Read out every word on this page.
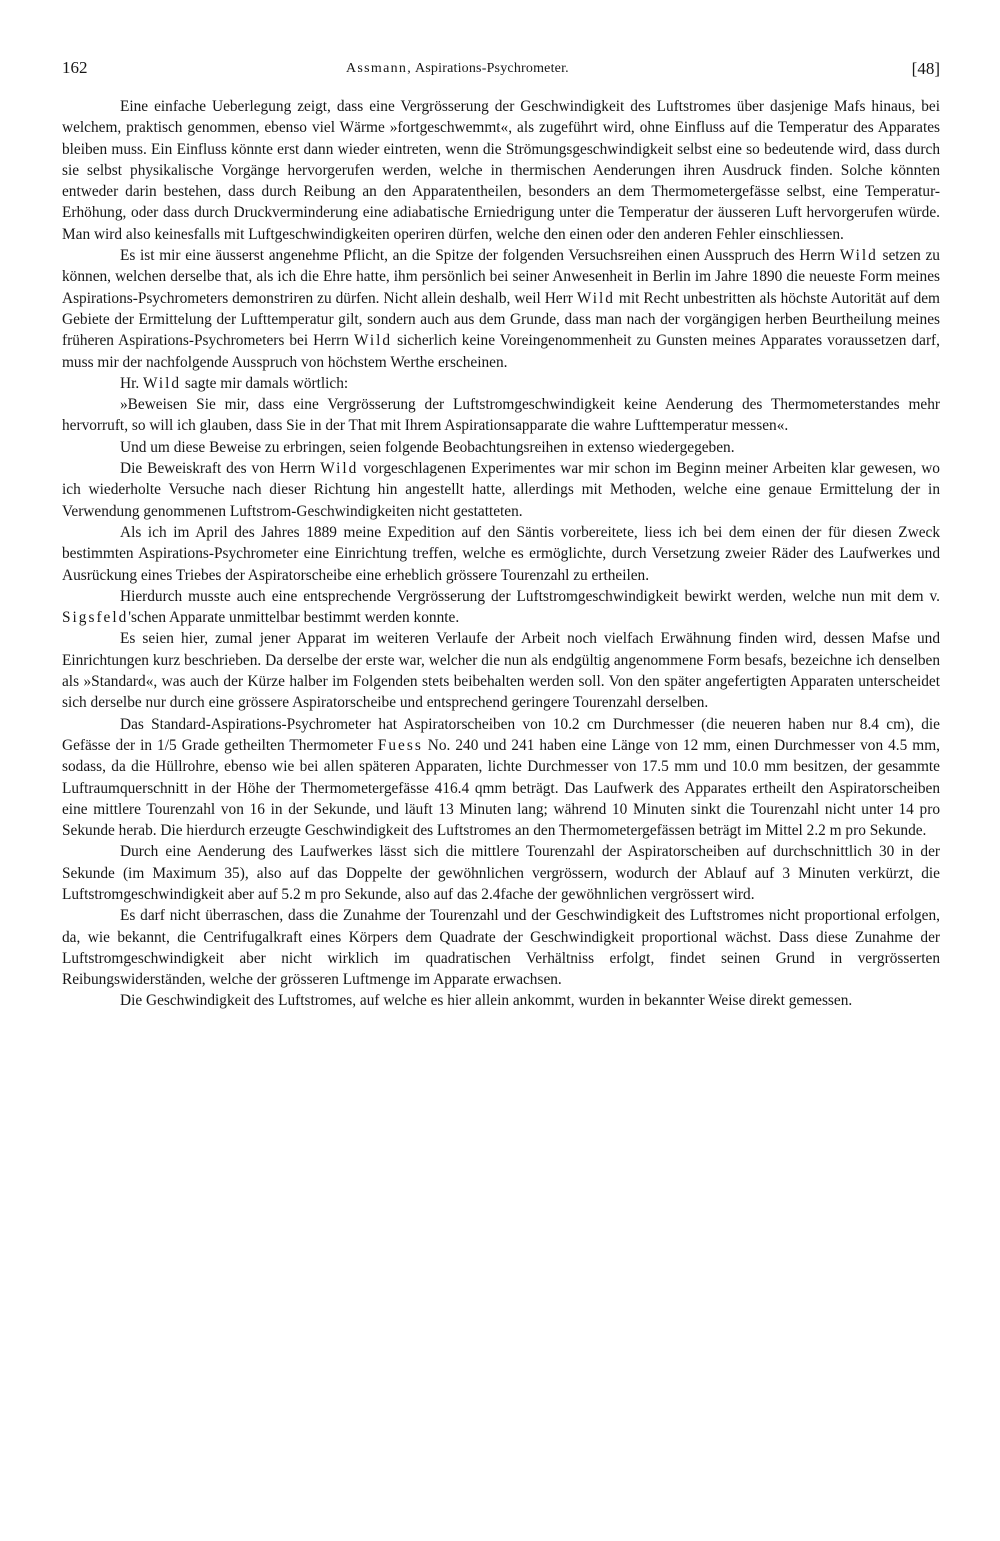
162	Assmann, Aspirations-Psychrometer.	[48]

Eine einfache Ueberlegung zeigt, dass eine Vergrösserung der Geschwindigkeit des Luftstromes über dasjenige Mafs hinaus, bei welchem, praktisch genommen, ebenso viel Wärme »fortgeschwemmt«, als zugeführt wird, ohne Einfluss auf die Temperatur des Apparates bleiben muss. Ein Einfluss könnte erst dann wieder eintreten, wenn die Strömungsgeschwindigkeit selbst eine so bedeutende wird, dass durch sie selbst physikalische Vorgänge hervorgerufen werden, welche in thermischen Aenderungen ihren Ausdruck finden. Solche könnten entweder darin bestehen, dass durch Reibung an den Apparatentheilen, besonders an dem Thermometergefässe selbst, eine Temperatur-Erhöhung, oder dass durch Druckverminderung eine adiabatische Erniedrigung unter die Temperatur der äusseren Luft hervorgerufen würde. Man wird also keinesfalls mit Luftgeschwindigkeiten operiren dürfen, welche den einen oder den anderen Fehler einschliessen.

Es ist mir eine äusserst angenehme Pflicht, an die Spitze der folgenden Versuchsreihen einen Ausspruch des Herrn Wild setzen zu können, welchen derselbe that, als ich die Ehre hatte, ihm persönlich bei seiner Anwesenheit in Berlin im Jahre 1890 die neueste Form meines Aspirations-Psychrometers demonstriren zu dürfen. Nicht allein deshalb, weil Herr Wild mit Recht unbestritten als höchste Autorität auf dem Gebiete der Ermittelung der Lufttemperatur gilt, sondern auch aus dem Grunde, dass man nach der vorgängigen herben Beurtheilung meines früheren Aspirations-Psychrometers bei Herrn Wild sicherlich keine Voreingenommenheit zu Gunsten meines Apparates voraussetzen darf, muss mir der nachfolgende Ausspruch von höchstem Werthe erscheinen.

Hr. Wild sagte mir damals wörtlich:

»Beweisen Sie mir, dass eine Vergrösserung der Luftstromgeschwindigkeit keine Aenderung des Thermometerstandes mehr hervorruft, so will ich glauben, dass Sie in der That mit Ihrem Aspirationsapparate die wahre Lufttemperatur messen«.

Und um diese Beweise zu erbringen, seien folgende Beobachtungsreihen in extenso wiedergegeben.

Die Beweiskraft des von Herrn Wild vorgeschlagenen Experimentes war mir schon im Beginn meiner Arbeiten klar gewesen, wo ich wiederholte Versuche nach dieser Richtung hin angestellt hatte, allerdings mit Methoden, welche eine genaue Ermittelung der in Verwendung genommenen Luftstrom-Geschwindigkeiten nicht gestatteten.

Als ich im April des Jahres 1889 meine Expedition auf den Säntis vorbereitete, liess ich bei dem einen der für diesen Zweck bestimmten Aspirations-Psychrometer eine Einrichtung treffen, welche es ermöglichte, durch Versetzung zweier Räder des Laufwerkes und Ausrückung eines Triebes der Aspiratorscheibe eine erheblich grössere Tourenzahl zu ertheilen.

Hierdurch musste auch eine entsprechende Vergrösserung der Luftstromgeschwindigkeit bewirkt werden, welche nun mit dem v. Sigsfeld'schen Apparate unmittelbar bestimmt werden konnte.

Es seien hier, zumal jener Apparat im weiteren Verlaufe der Arbeit noch vielfach Erwähnung finden wird, dessen Mafse und Einrichtungen kurz beschrieben. Da derselbe der erste war, welcher die nun als endgültig angenommene Form besafs, bezeichne ich denselben als »Standard«, was auch der Kürze halber im Folgenden stets beibehalten werden soll. Von den später angefertigten Apparaten unterscheidet sich derselbe nur durch eine grössere Aspiratorscheibe und entsprechend geringere Tourenzahl derselben.

Das Standard-Aspirations-Psychrometer hat Aspiratorscheiben von 10.2 cm Durchmesser (die neueren haben nur 8.4 cm), die Gefässe der in 1/5 Grade getheilten Thermometer Fuess No. 240 und 241 haben eine Länge von 12 mm, einen Durchmesser von 4.5 mm, sodass, da die Hüllrohre, ebenso wie bei allen späteren Apparaten, lichte Durchmesser von 17.5 mm und 10.0 mm besitzen, der gesammte Luftraumquerschnitt in der Höhe der Thermometergefässe 416.4 qmm beträgt. Das Laufwerk des Apparates ertheilt den Aspiratorscheiben eine mittlere Tourenzahl von 16 in der Sekunde, und läuft 13 Minuten lang; während 10 Minuten sinkt die Tourenzahl nicht unter 14 pro Sekunde herab. Die hierdurch erzeugte Geschwindigkeit des Luftstromes an den Thermometergefässen beträgt im Mittel 2.2 m pro Sekunde.

Durch eine Aenderung des Laufwerkes lässt sich die mittlere Tourenzahl der Aspiratorscheiben auf durchschnittlich 30 in der Sekunde (im Maximum 35), also auf das Doppelte der gewöhnlichen vergrössern, wodurch der Ablauf auf 3 Minuten verkürzt, die Luftstromgeschwindigkeit aber auf 5.2 m pro Sekunde, also auf das 2.4fache der gewöhnlichen vergrössert wird.

Es darf nicht überraschen, dass die Zunahme der Tourenzahl und der Geschwindigkeit des Luftstromes nicht proportional erfolgen, da, wie bekannt, die Centrifugalkraft eines Körpers dem Quadrate der Geschwindigkeit proportional wächst. Dass diese Zunahme der Luftstromgeschwindigkeit aber nicht wirklich im quadratischen Verhältniss erfolgt, findet seinen Grund in vergrösserten Reibungswiderständen, welche der grösseren Luftmenge im Apparate erwachsen.

Die Geschwindigkeit des Luftstromes, auf welche es hier allein ankommt, wurden in bekannter Weise direkt gemessen.
